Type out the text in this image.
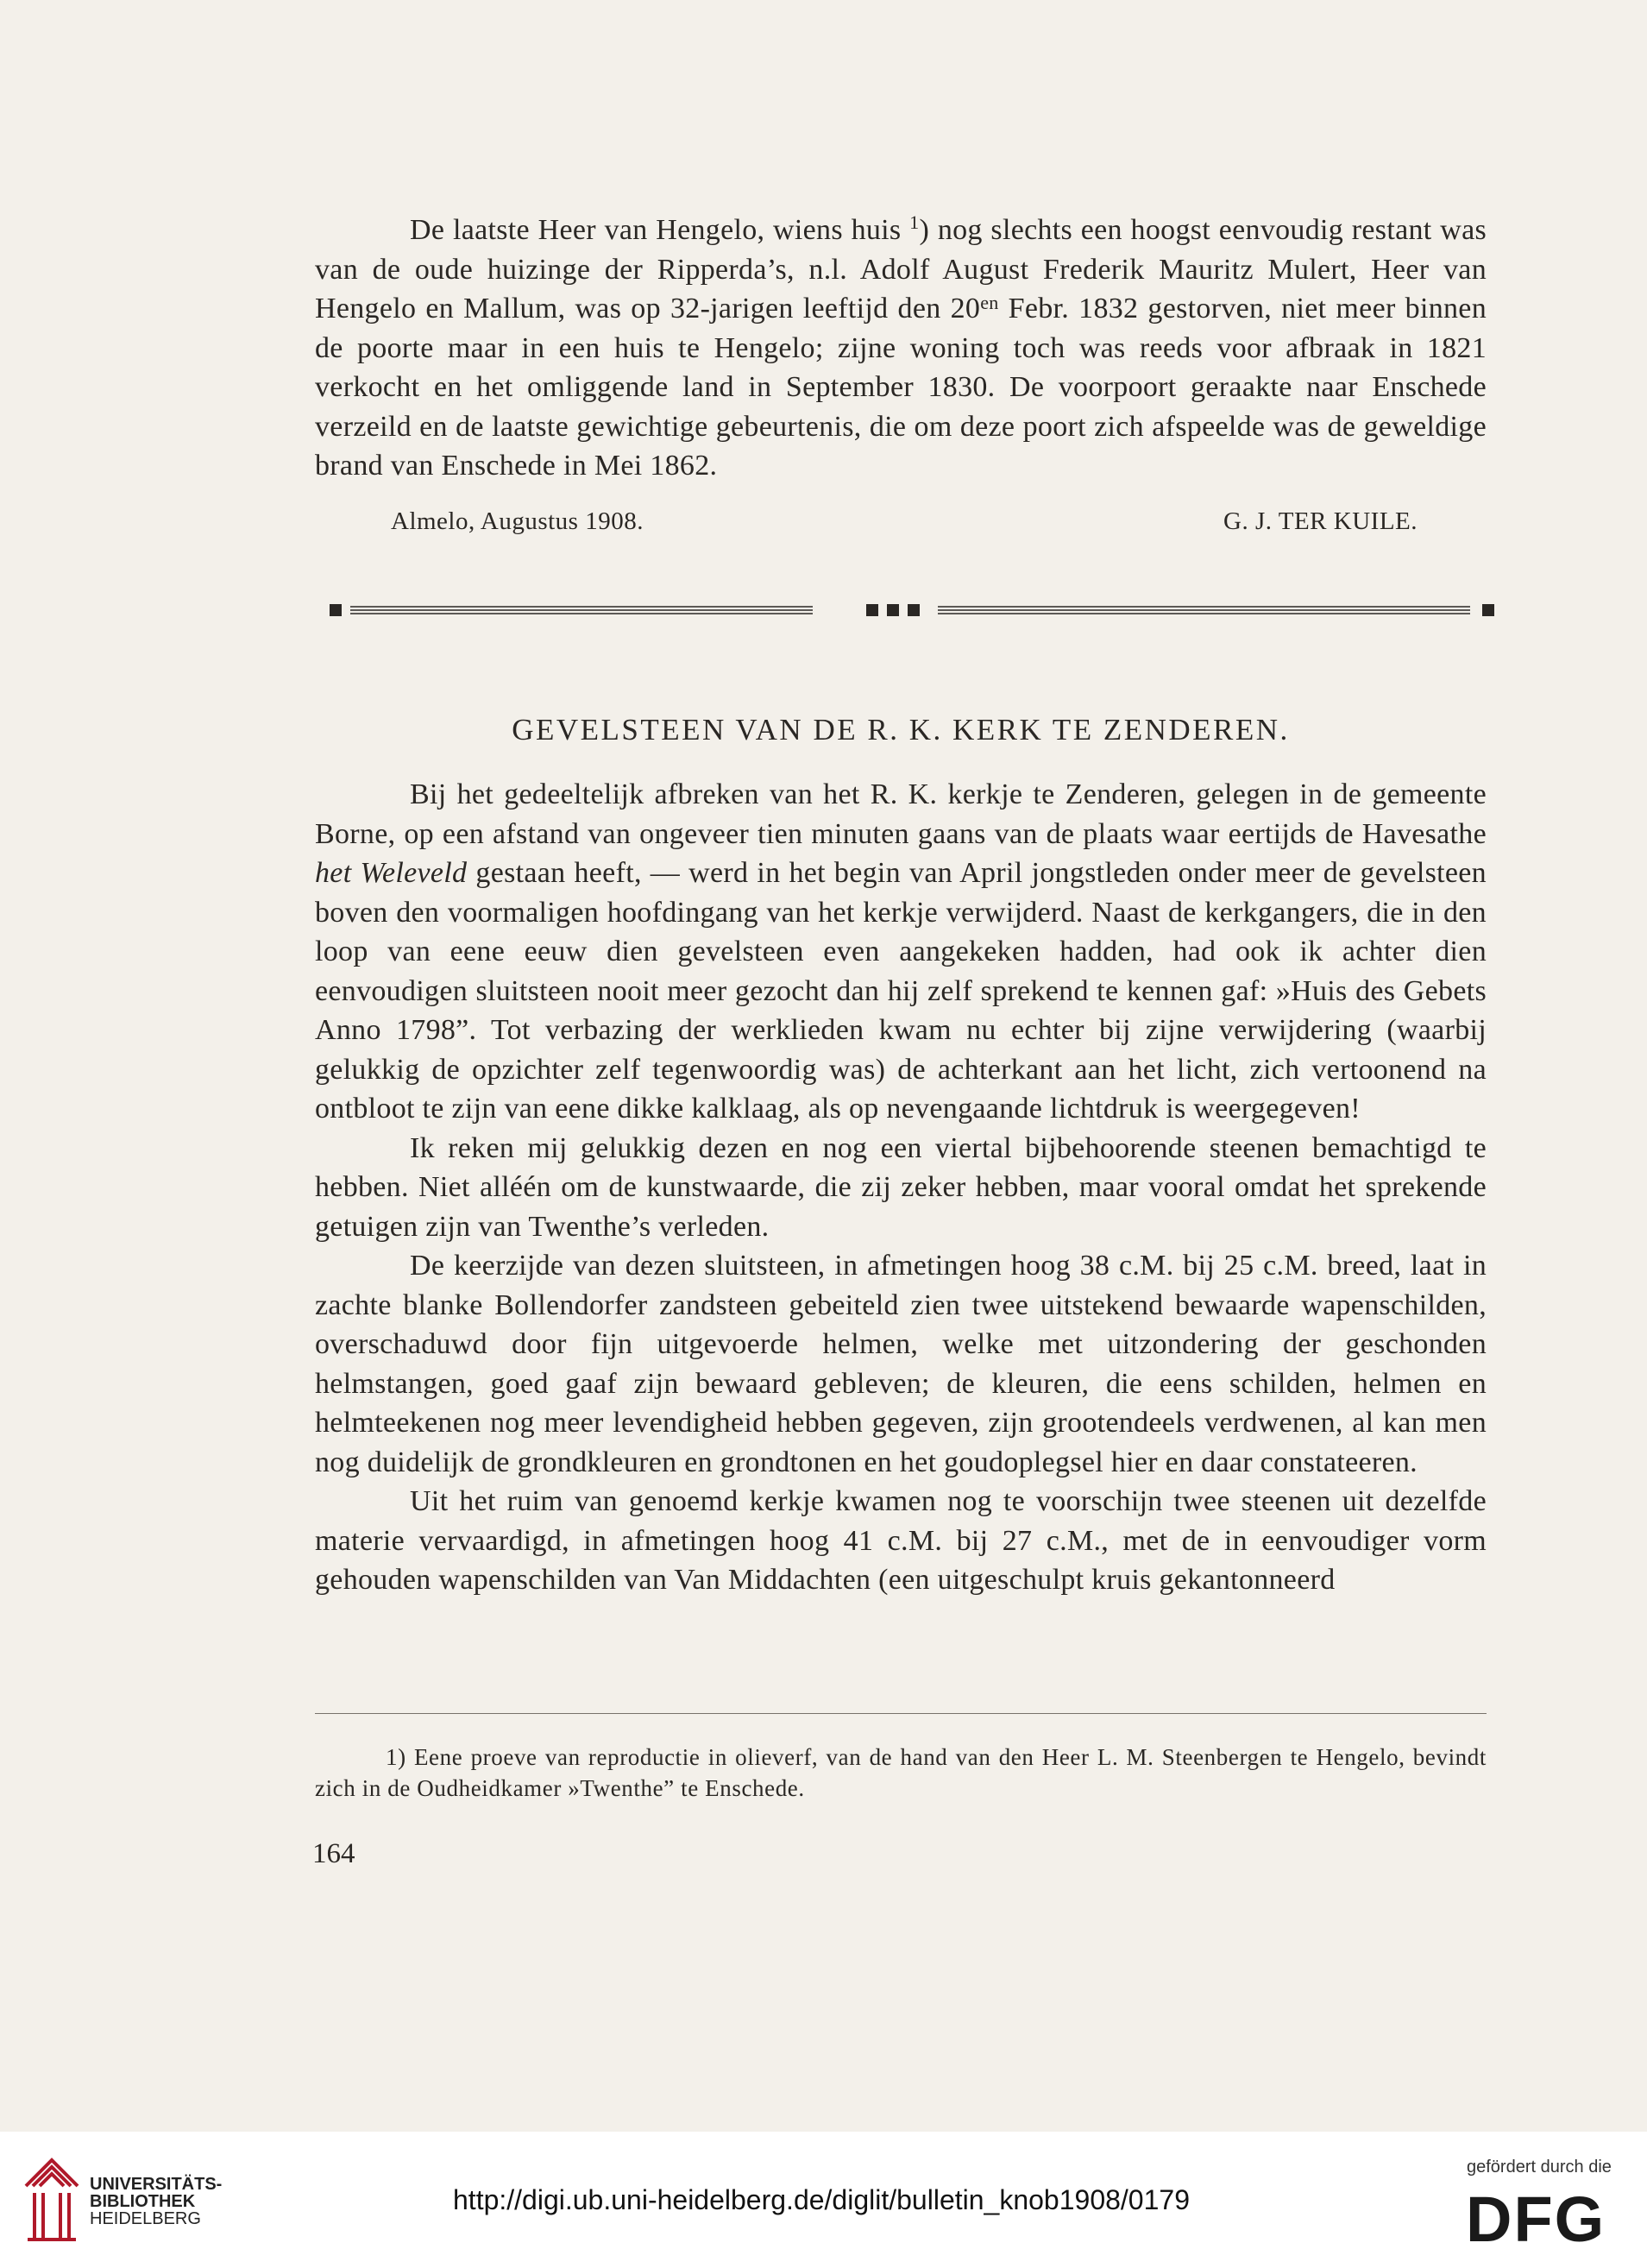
De laatste Heer van Hengelo, wiens huis $^1$) nog slechts een hoogst eenvoudig restant was van de oude huizinge der Ripperda’s, n.l. Adolf August Frederik Mauritz Mulert, Heer van Hengelo en Mallum, was op 32-jarigen leeftijd den $20^{en}$ Febr. 1832 gestorven, niet meer binnen de poorte maar in een huis te Hengelo; zijne woning toch was reeds voor afbraak in 1821 verkocht en het omliggende land in September 1830. De voorpoort geraakte naar Enschede verzeild en de laatste gewichtige gebeurtenis, die om deze poort zich afspeelde was de geweldige brand van Enschede in Mei 1862.

Almelo, Augustus 1908.	G. J. TER KUILE.
GEVELSTEEN VAN DE R. K. KERK TE ZENDEREN.

Bij het gedeeltelijk afbreken van het R. K. kerkje te Zenderen, gelegen in de gemeente Borne, op een afstand van ongeveer tien minuten gaans van de plaats waar eertijds de Havesathe het Weleveld gestaan heeft, — werd in het begin van April jongstleden onder meer de gevelsteen boven den voormaligen hoofdingang van het kerkje verwijderd. Naast de kerkgangers, die in den loop van eene eeuw dien gevelsteen even aangekeken hadden, had ook ik achter dien eenvoudigen sluitsteen nooit meer gezocht dan hij zelf sprekend te kennen gaf: »Huis des Gebets Anno 1798”. Tot verbazing der werklieden kwam nu echter bij zijne verwijdering (waarbij gelukkig de opzichter zelf tegenwoordig was) de achterkant aan het licht, zich vertoonend na ontbloot te zijn van eene dikke kalklaag, als op nevengaande lichtdruk is weergegeven!

Ik reken mij gelukkig dezen en nog een viertal bijbehoorende steenen bemachtigd te hebben. Niet alléén om de kunstwaarde, die zij zeker hebben, maar vooral omdat het sprekende getuigen zijn van Twenthe’s verleden.

De keerzijde van dezen sluitsteen, in afmetingen hoog 38 c.M. bij 25 c.M. breed, laat in zachte blanke Bollendorfer zandsteen gebeiteld zien twee uitstekend bewaarde wapenschilden, overschaduwd door fijn uitgevoerde helmen, welke met uitzondering der geschonden helmstangen, goed gaaf zijn bewaard gebleven; de kleuren, die eens schilden, helmen en helmteekenen nog meer levendigheid hebben gegeven, zijn grootendeels verdwenen, al kan men nog duidelijk de grondkleuren en grondtonen en het goudoplegsel hier en daar constateeren.

Uit het ruim van genoemd kerkje kwamen nog te voorschijn twee steenen uit dezelfde materie vervaardigd, in afmetingen hoog 41 c.M. bij 27 c.M., met de in eenvoudiger vorm gehouden wapenschilden van Van Middachten (een uitgeschulpt kruis gekantonneerd

1) Eene proeve van reproductie in olieverf, van de hand van den Heer L. M. Steenbergen te Hengelo, bevindt zich in de Oudheidkamer »Twenthe” te Enschede.

164
UNIVERSITÄTS-
BIBLIOTHEK
HEIDELBERG
http://digi.ub.uni-heidelberg.de/diglit/bulletin_knob1908/0179
gefördert durch die
DFG
